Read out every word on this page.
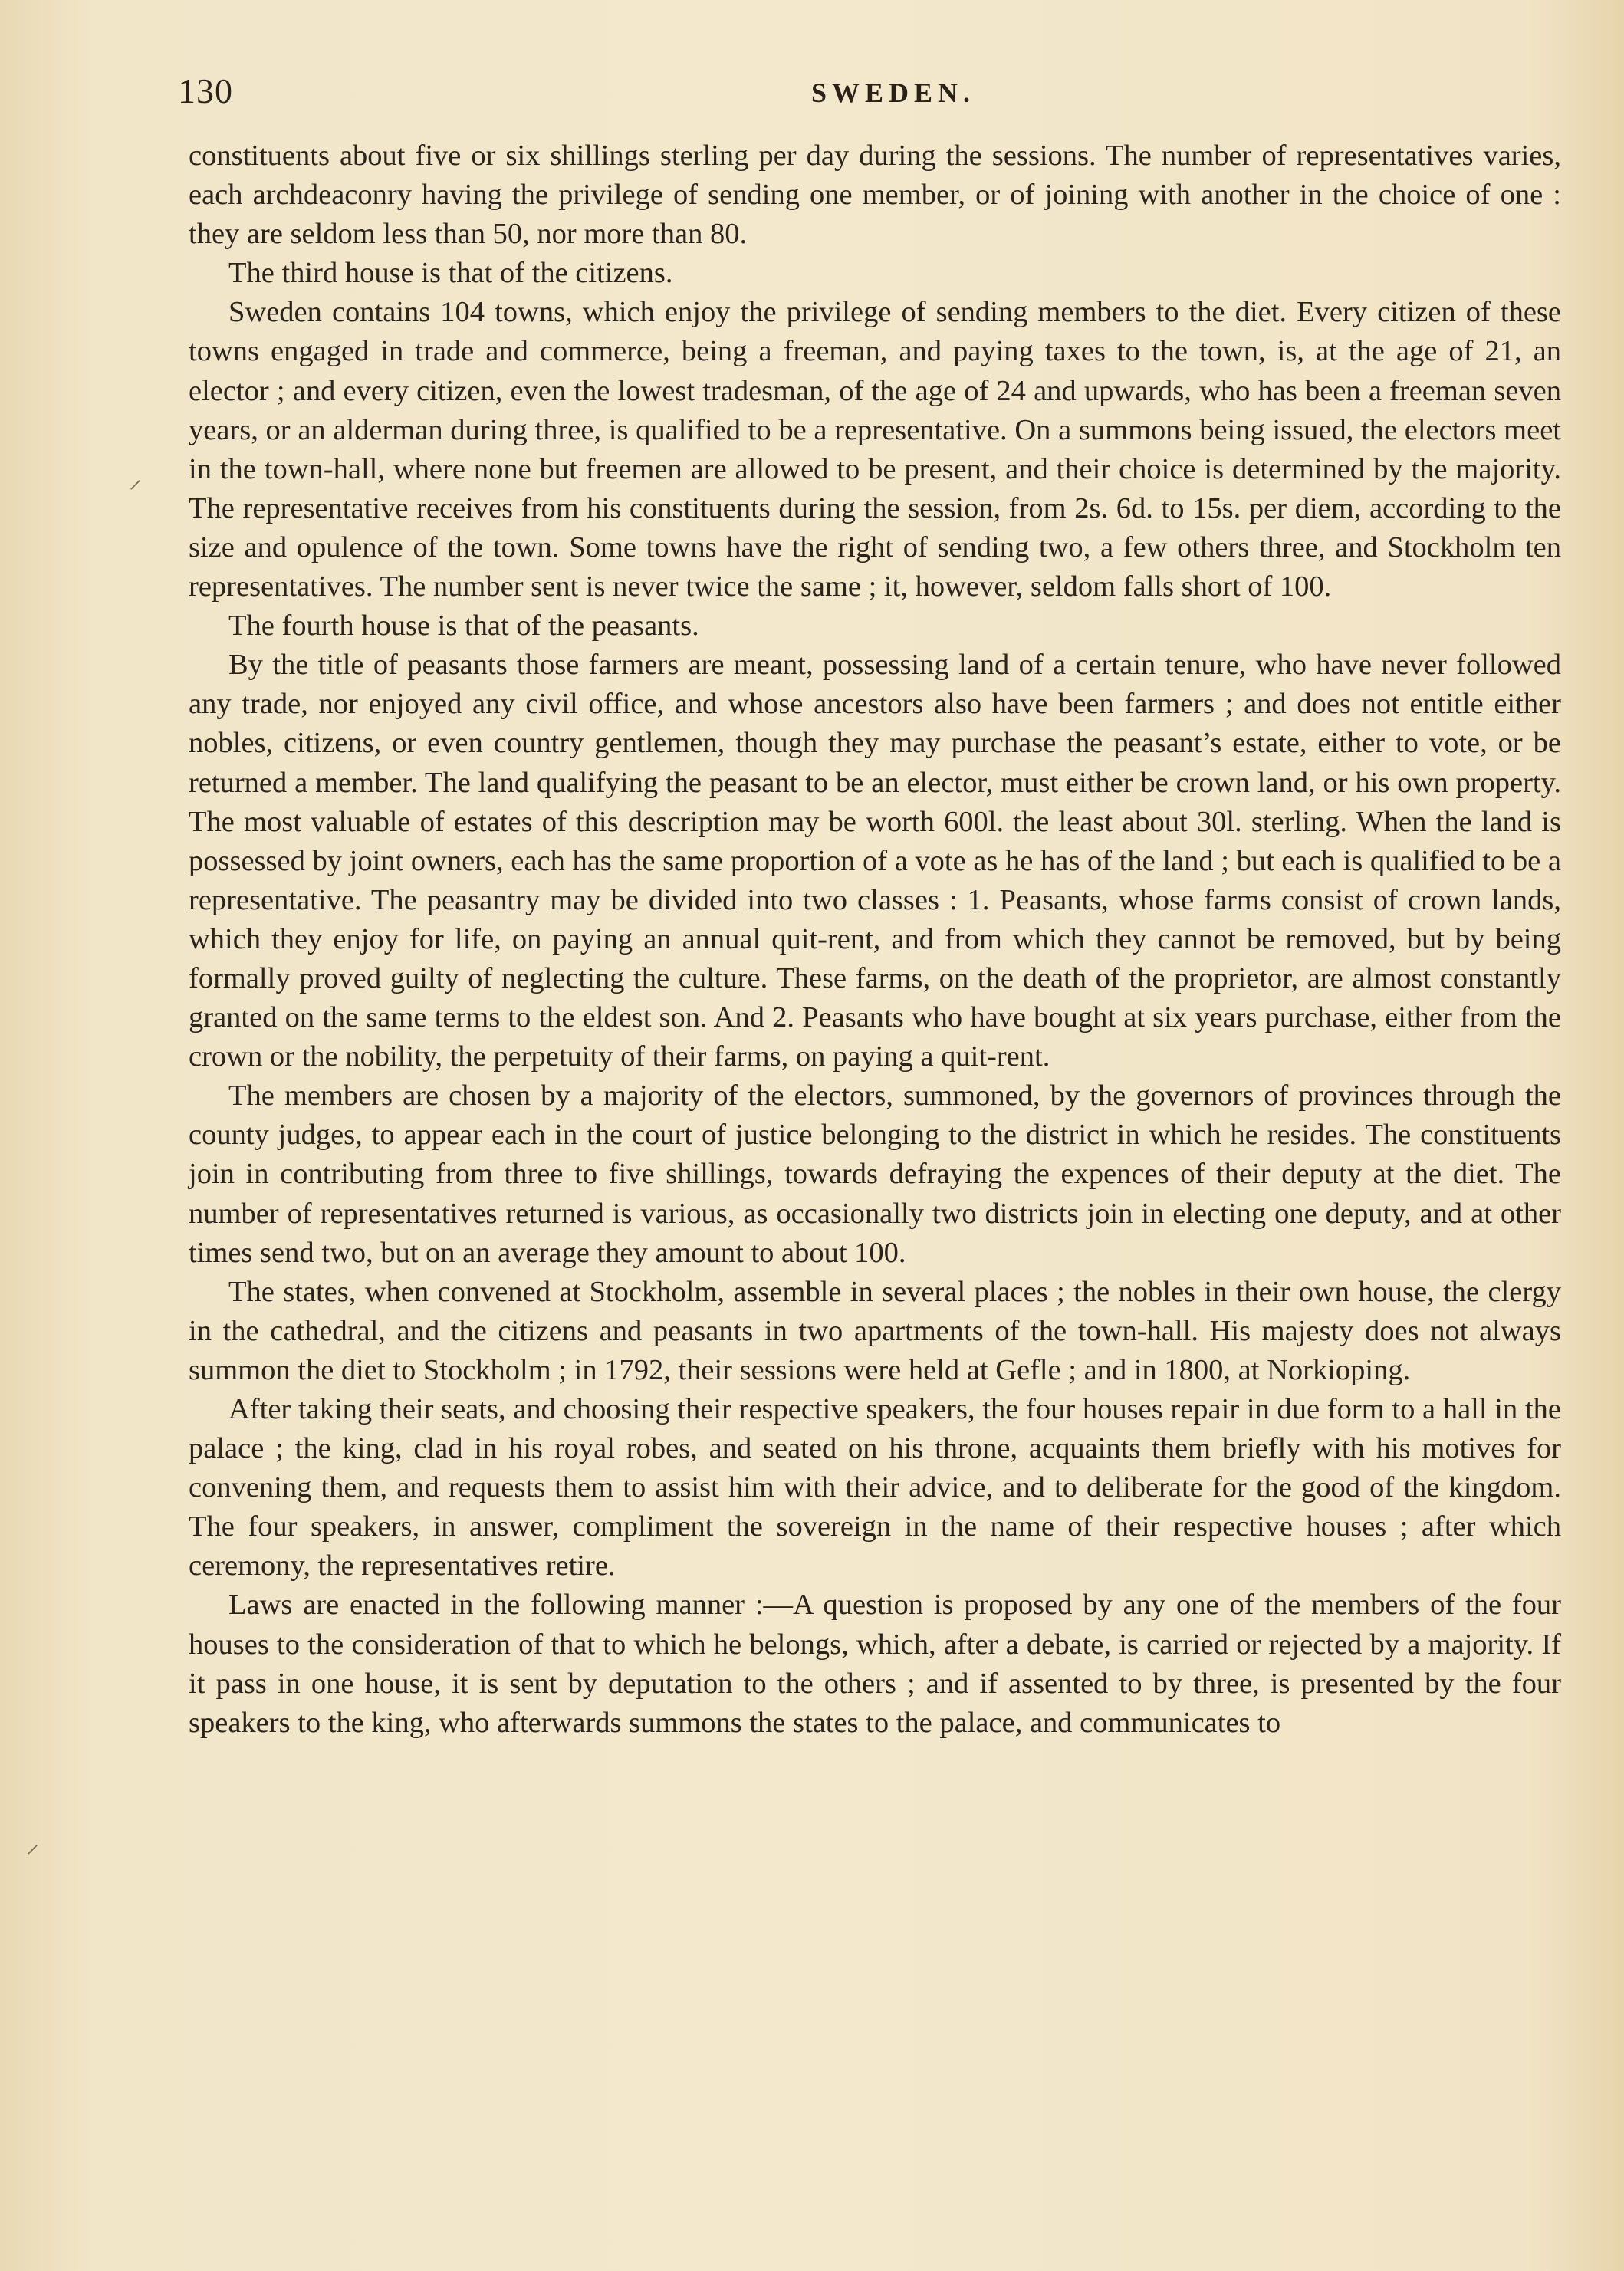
130	SWEDEN.

constituents about five or six shillings sterling per day during the sessions. The number of representatives varies, each archdeaconry having the privilege of sending one member, or of joining with another in the choice of one : they are seldom less than 50, nor more than 80.

The third house is that of the citizens.

Sweden contains 104 towns, which enjoy the privilege of sending members to the diet. Every citizen of these towns engaged in trade and commerce, being a freeman, and paying taxes to the town, is, at the age of 21, an elector ; and every citizen, even the lowest tradesman, of the age of 24 and upwards, who has been a freeman seven years, or an alderman during three, is qualified to be a representative. On a summons being issued, the electors meet in the town-hall, where none but freemen are allowed to be present, and their choice is determined by the majority. The representative receives from his constituents during the session, from 2s. 6d. to 15s. per diem, according to the size and opulence of the town. Some towns have the right of sending two, a few others three, and Stockholm ten representatives. The number sent is never twice the same ; it, however, seldom falls short of 100.

The fourth house is that of the peasants.

By the title of peasants those farmers are meant, possessing land of a certain tenure, who have never followed any trade, nor enjoyed any civil office, and whose ancestors also have been farmers ; and does not entitle either nobles, citizens, or even country gentlemen, though they may purchase the peasant’s estate, either to vote, or be returned a member. The land qualifying the peasant to be an elector, must either be crown land, or his own property. The most valuable of estates of this description may be worth 600l. the least about 30l. sterling. When the land is possessed by joint owners, each has the same proportion of a vote as he has of the land ; but each is qualified to be a representative. The peasantry may be divided into two classes : 1. Peasants, whose farms consist of crown lands, which they enjoy for life, on paying an annual quit-rent, and from which they cannot be removed, but by being formally proved guilty of neglecting the culture. These farms, on the death of the proprietor, are almost constantly granted on the same terms to the eldest son. And 2. Peasants who have bought at six years purchase, either from the crown or the nobility, the perpetuity of their farms, on paying a quit-rent.

The members are chosen by a majority of the electors, summoned, by the governors of provinces through the county judges, to appear each in the court of justice belonging to the district in which he resides. The constituents join in contributing from three to five shillings, towards defraying the expences of their deputy at the diet. The number of representatives returned is various, as occasionally two districts join in electing one deputy, and at other times send two, but on an average they amount to about 100.

The states, when convened at Stockholm, assemble in several places ; the nobles in their own house, the clergy in the cathedral, and the citizens and peasants in two apartments of the town-hall. His majesty does not always summon the diet to Stockholm ; in 1792, their sessions were held at Gefle ; and in 1800, at Norkioping.

After taking their seats, and choosing their respective speakers, the four houses repair in due form to a hall in the palace ; the king, clad in his royal robes, and seated on his throne, acquaints them briefly with his motives for convening them, and requests them to assist him with their advice, and to deliberate for the good of the kingdom. The four speakers, in answer, compliment the sovereign in the name of their respective houses ; after which ceremony, the representatives retire.

Laws are enacted in the following manner :—A question is proposed by any one of the members of the four houses to the consideration of that to which he belongs, which, after a debate, is carried or rejected by a majority. If it pass in one house, it is sent by deputation to the others ; and if assented to by three, is presented by the four speakers to the king, who afterwards summons the states to the palace, and communicates to

⸝
⸝
